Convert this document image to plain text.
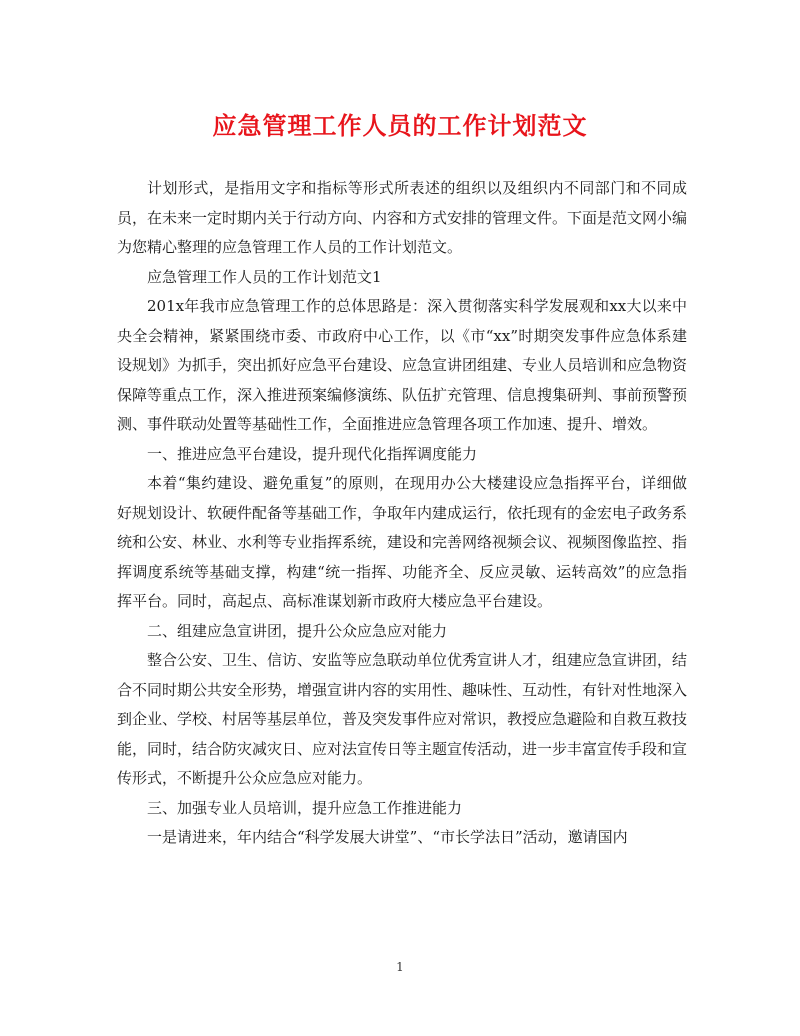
应急管理工作人员的工作计划范文

计划形式，是指用文字和指标等形式所表述的组织以及组织内不同部门和不同成员，在未来一定时期内关于行动方向、内容和方式安排的管理文件。下面是范文网小编为您精心整理的应急管理工作人员的工作计划范文。

应急管理工作人员的工作计划范文1

201x年我市应急管理工作的总体思路是：深入贯彻落实科学发展观和xx大以来中央全会精神，紧紧围绕市委、市政府中心工作，以《市“xx”时期突发事件应急体系建设规划》为抓手，突出抓好应急平台建设、应急宣讲团组建、专业人员培训和应急物资保障等重点工作，深入推进预案编修演练、队伍扩充管理、信息搜集研判、事前预警预测、事件联动处置等基础性工作，全面推进应急管理各项工作加速、提升、增效。

一、推进应急平台建设，提升现代化指挥调度能力

本着“集约建设、避免重复”的原则，在现用办公大楼建设应急指挥平台，详细做好规划设计、软硬件配备等基础工作，争取年内建成运行，依托现有的金宏电子政务系统和公安、林业、水利等专业指挥系统，建设和完善网络视频会议、视频图像监控、指挥调度系统等基础支撑，构建“统一指挥、功能齐全、反应灵敏、运转高效”的应急指挥平台。同时，高起点、高标准谋划新市政府大楼应急平台建设。

二、组建应急宣讲团，提升公众应急应对能力

整合公安、卫生、信访、安监等应急联动单位优秀宣讲人才，组建应急宣讲团，结合不同时期公共安全形势，增强宣讲内容的实用性、趣味性、互动性，有针对性地深入到企业、学校、村居等基层单位，普及突发事件应对常识，教授应急避险和自救互救技能，同时，结合防灾减灾日、应对法宣传日等主题宣传活动，进一步丰富宣传手段和宣传形式，不断提升公众应急应对能力。

三、加强专业人员培训，提升应急工作推进能力

一是请进来，年内结合“科学发展大讲堂”、“市长学法日”活动，邀请国内

1
